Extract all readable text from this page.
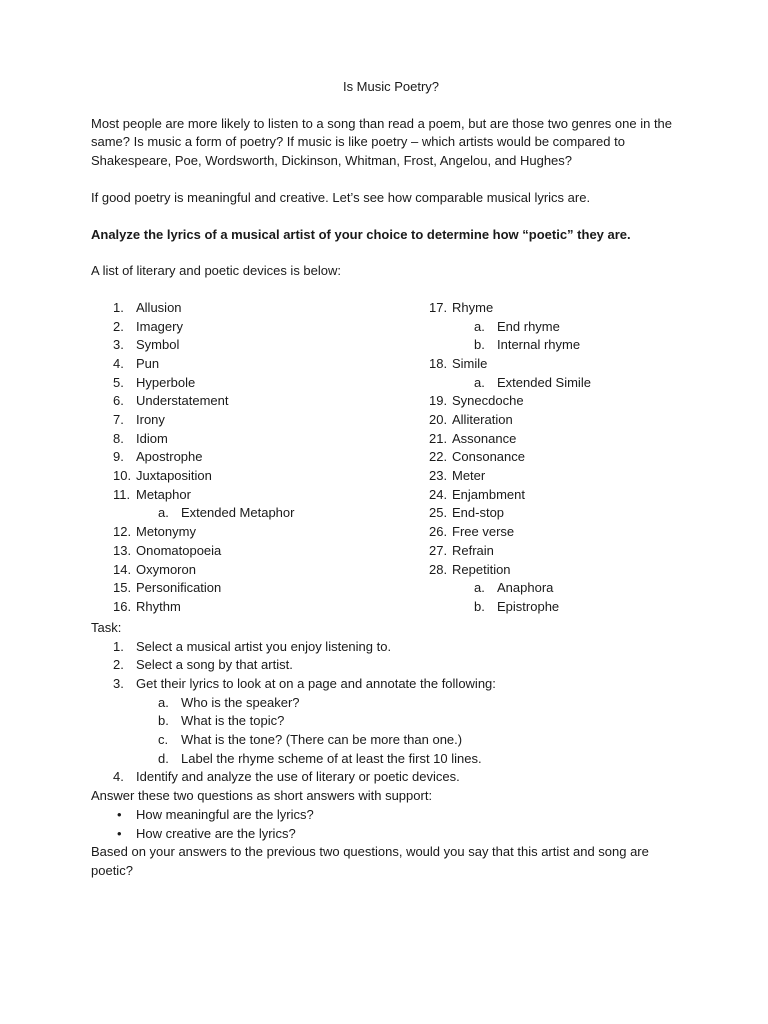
Is Music Poetry?

Most people are more likely to listen to a song than read a poem, but are those two genres one in the same? Is music a form of poetry? If music is like poetry – which artists would be compared to Shakespeare, Poe, Wordsworth, Dickinson, Whitman, Frost, Angelou, and Hughes?

If good poetry is meaningful and creative. Let’s see how comparable musical lyrics are.

Analyze the lyrics of a musical artist of your choice to determine how “poetic” they are.

A list of literary and poetic devices is below:

1. Allusion
2. Imagery
3. Symbol
4. Pun
5. Hyperbole
6. Understatement
7. Irony
8. Idiom
9. Apostrophe
10. Juxtaposition
11. Metaphor
a. Extended Metaphor
12. Metonymy
13. Onomatopoeia
14. Oxymoron
15. Personification
16. Rhythm
17. Rhyme
a. End rhyme
b. Internal rhyme
18. Simile
a. Extended Simile
19. Synecdoche
20. Alliteration
21. Assonance
22. Consonance
23. Meter
24. Enjambment
25. End-stop
26. Free verse
27. Refrain
28. Repetition
a. Anaphora
b. Epistrophe
Task:
1. Select a musical artist you enjoy listening to.
2. Select a song by that artist.
3. Get their lyrics to look at on a page and annotate the following:
a. Who is the speaker?
b. What is the topic?
c. What is the tone? (There can be more than one.)
d. Label the rhyme scheme of at least the first 10 lines.
4. Identify and analyze the use of literary or poetic devices.
Answer these two questions as short answers with support:
• How meaningful are the lyrics?
• How creative are the lyrics?
Based on your answers to the previous two questions, would you say that this artist and song are poetic?
